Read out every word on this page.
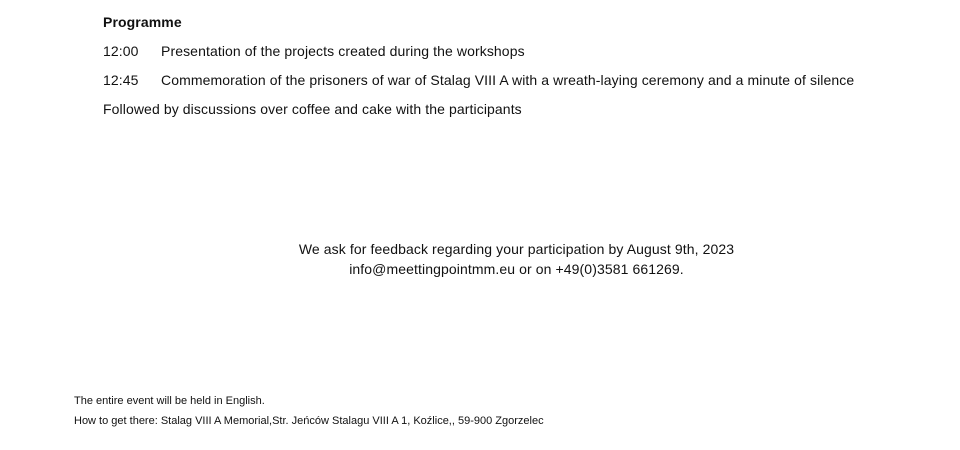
Programme
12:00 Presentation of the projects created during the workshops
12:45 Commemoration of the prisoners of war of Stalag VIII A with a wreath-laying ceremony and a minute of silence
Followed by discussions over coffee and cake with the participants
We ask for feedback regarding your participation by August 9th, 2023
info@meettingpointmm.eu or on +49(0)3581 661269.
The entire event will be held in English.
How to get there: Stalag VIII A Memorial,Str. Jeńców Stalagu VIII A 1, Koźlice,, 59-900 Zgorzelec
